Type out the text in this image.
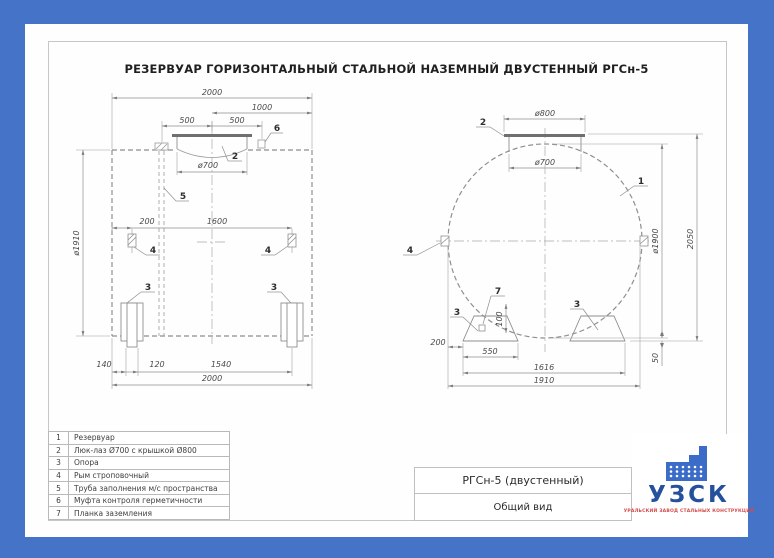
РЕЗЕРВУАР ГОРИЗОНТАЛЬНЫЙ СТАЛЬНОЙ НАЗЕМНЫЙ ДВУСТЕННЫЙ РГСн-5
2000
1000
500	500
ø700
ø1910
200	1600
140	120	1540
2000
2
6
5
4	4
3	3
ø800
ø700
ø1900	2050
50
100
200
550
1616
1910
2
1
4
7
3
3
1	Резервуар
2	Люк-лаз Ø700 с крышкой Ø800
3	Опора
4	Рым строповочный
5	Труба заполнения м/с пространства
6	Муфта контроля герметичности
7	Планка заземления
РГСн-5 (двустенный)
Общий вид	УЗСК
УРАЛЬСКИЙ ЗАВОД СТАЛЬНЫХ КОНСТРУКЦИЙ
